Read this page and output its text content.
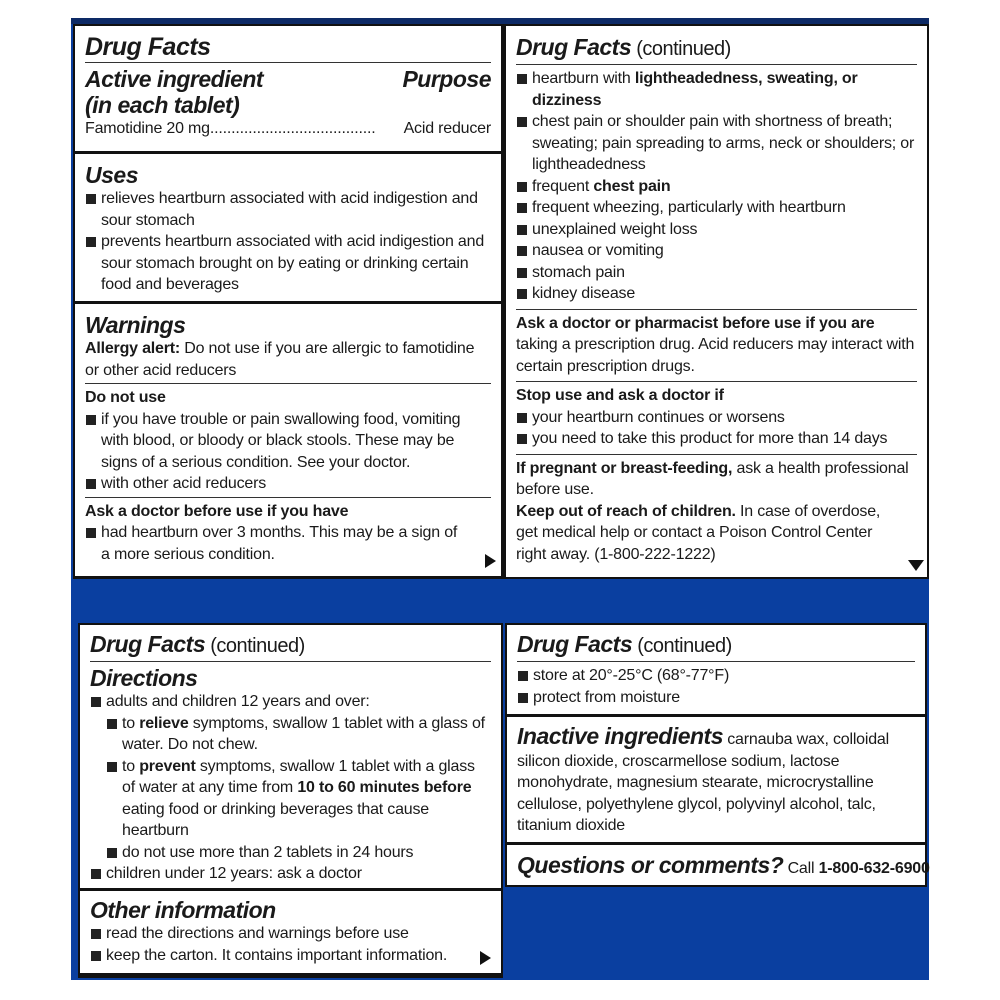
Drug Facts
Active ingredient	Purpose
(in each tablet)
Famotidine 20 mg....................................... Acid reducer
Uses
relieves heartburn associated with acid indigestion and sour stomach
prevents heartburn associated with acid indigestion and sour stomach brought on by eating or drinking certain food and beverages
Warnings
Allergy alert: Do not use if you are allergic to famotidine or other acid reducers
Do not use
if you have trouble or pain swallowing food, vomiting with blood, or bloody or black stools. These may be signs of a serious condition. See your doctor.
with other acid reducers
Ask a doctor before use if you have
had heartburn over 3 months. This may be a sign of a more serious condition.
Drug Facts (continued)
heartburn with lightheadedness, sweating, or dizziness
chest pain or shoulder pain with shortness of breath; sweating; pain spreading to arms, neck or shoulders; or lightheadedness
frequent chest pain
frequent wheezing, particularly with heartburn
unexplained weight loss
nausea or vomiting
stomach pain
kidney disease
Ask a doctor or pharmacist before use if you are taking a prescription drug. Acid reducers may interact with certain prescription drugs.
Stop use and ask a doctor if
your heartburn continues or worsens
you need to take this product for more than 14 days
If pregnant or breast-feeding, ask a health professional before use.
Keep out of reach of children. In case of overdose, get medical help or contact a Poison Control Center right away. (1-800-222-1222)
Drug Facts (continued)
Directions
adults and children 12 years and over:
to relieve symptoms, swallow 1 tablet with a glass of water. Do not chew.
to prevent symptoms, swallow 1 tablet with a glass of water at any time from 10 to 60 minutes before eating food or drinking beverages that cause heartburn
do not use more than 2 tablets in 24 hours
children under 12 years: ask a doctor
Other information
read the directions and warnings before use
keep the carton. It contains important information.
Drug Facts (continued)
store at 20°-25°C (68°-77°F)
protect from moisture
Inactive ingredients carnauba wax, colloidal silicon dioxide, croscarmellose sodium, lactose monohydrate, magnesium stearate, microcrystalline cellulose, polyethylene glycol, polyvinyl alcohol, talc, titanium dioxide
Questions or comments? Call 1-800-632-6900
